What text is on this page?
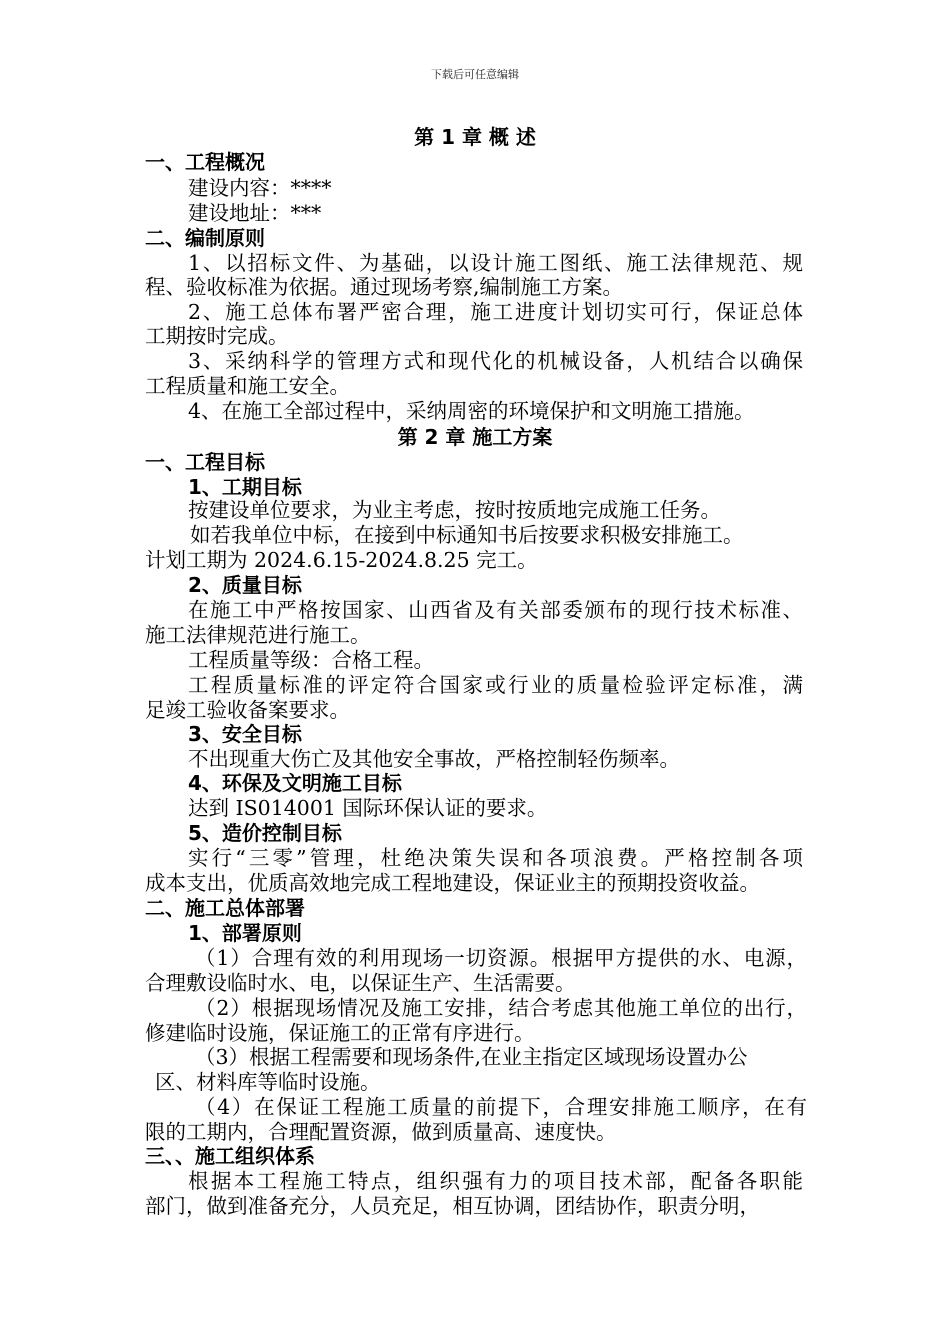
下载后可任意编辑
第 1 章 概 述
一、工程概况
建设内容：****
建设地址：***
二、编制原则
1、以招标文件、为基础，以设计施工图纸、施工法律规范、规
程、验收标准为依据。通过现场考察,编制施工方案。
2、施工总体布署严密合理，施工进度计划切实可行，保证总体
工期按时完成。
3、采纳科学的管理方式和现代化的机械设备，人机结合以确保
工程质量和施工安全。
4、在施工全部过程中，采纳周密的环境保护和文明施工措施。
第 2 章 施工方案
一、工程目标
1、工期目标
按建设单位要求，为业主考虑，按时按质地完成施工任务。
如若我单位中标，在接到中标通知书后按要求积极安排施工。
计划工期为 2024.6.15-2024.8.25 完工。
2、质量目标
在施工中严格按国家、山西省及有关部委颁布的现行技术标准、
施工法律规范进行施工。
工程质量等级：合格工程。
工程质量标准的评定符合国家或行业的质量检验评定标准，满
足竣工验收备案要求。
3、安全目标
不出现重大伤亡及其他安全事故，严格控制轻伤频率。
4、环保及文明施工目标
达到 IS014001 国际环保认证的要求。
5、造价控制目标
实行“三零”管理，杜绝决策失误和各项浪费。严格控制各项
成本支出，优质高效地完成工程地建设，保证业主的预期投资收益。
二、施工总体部署
1、部署原则
（1）合理有效的利用现场一切资源。根据甲方提供的水、电源，
合理敷设临时水、电，以保证生产、生活需要。
（2）根据现场情况及施工安排，结合考虑其他施工单位的出行，
修建临时设施，保证施工的正常有序进行。
（3）根据工程需要和现场条件,在业主指定区域现场设置办公
区、材料库等临时设施。
（4）在保证工程施工质量的前提下，合理安排施工顺序，在有
限的工期内，合理配置资源，做到质量高、速度快。
三、、施工组织体系
根据本工程施工特点，组织强有力的项目技术部，配备各职能
部门，做到准备充分，人员充足，相互协调，团结协作，职责分明，
